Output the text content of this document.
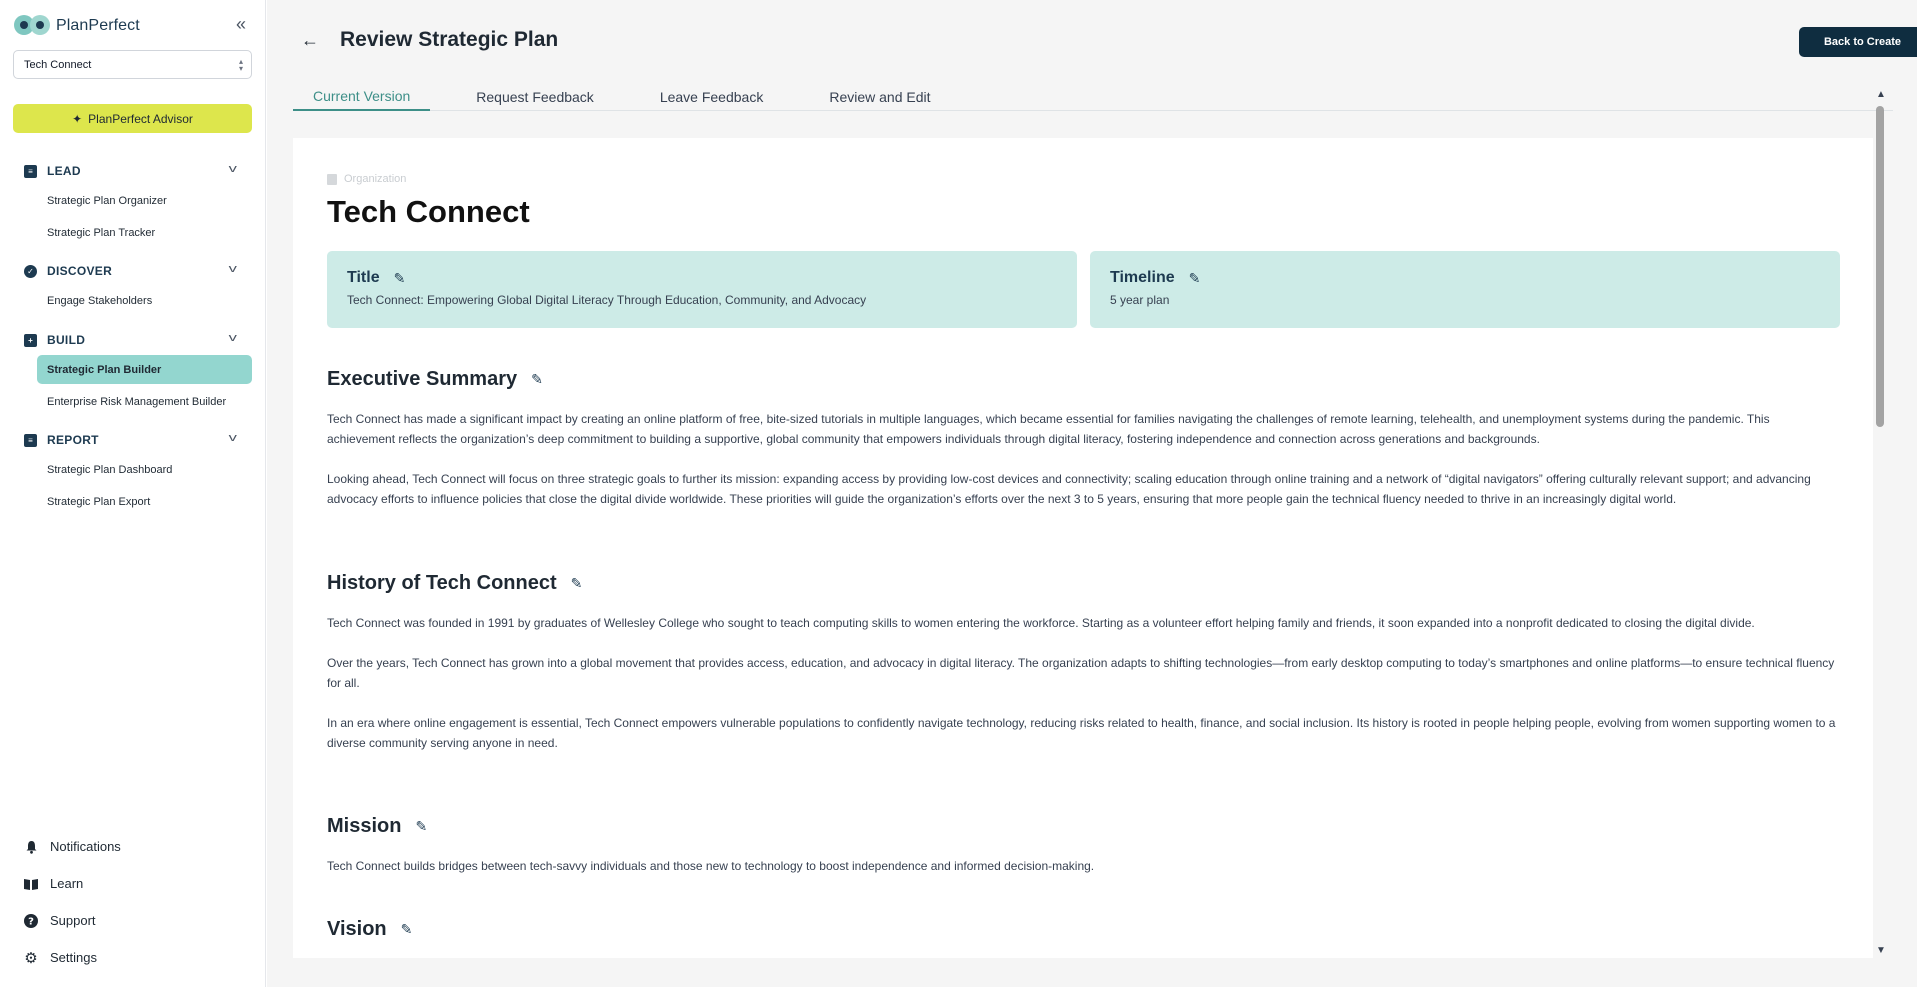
PlanPerfect	«
Tech Connect	▴
▾
✦ PlanPerfect Advisor
≡	LEAD	v
Strategic Plan Organizer
Strategic Plan Tracker
✓ DISCOVER	v
Engage Stakeholders
+	BUILD	v
Strategic Plan Builder
Enterprise Risk Management Builder
≡	REPORT	v
Strategic Plan Dashboard
Strategic Plan Export
Notifications
Learn
? Support
⚙ Settings
← Review Strategic Plan	Back to Create
Current Version	Request Feedback	Leave Feedback	Review and Edit
Organization
Tech Connect
Title ✎
Tech Connect: Empowering Global Digital Literacy Through Education, Community, and Advocacy
Timeline ✎
5 year plan
Executive Summary ✎

Tech Connect has made a significant impact by creating an online platform of free, bite-sized tutorials in multiple languages, which became essential for families navigating the challenges of remote learning, telehealth, and unemployment systems during the pandemic. This achievement reflects the organization’s deep commitment to building a supportive, global community that empowers individuals through digital literacy, fostering independence and connection across generations and backgrounds.

Looking ahead, Tech Connect will focus on three strategic goals to further its mission: expanding access by providing low-cost devices and connectivity; scaling education through online training and a network of “digital navigators” offering culturally relevant support; and advancing advocacy efforts to influence policies that close the digital divide worldwide. These priorities will guide the organization’s efforts over the next 3 to 5 years, ensuring that more people gain the technical fluency needed to thrive in an increasingly digital world.

History of Tech Connect ✎

Tech Connect was founded in 1991 by graduates of Wellesley College who sought to teach computing skills to women entering the workforce. Starting as a volunteer effort helping family and friends, it soon expanded into a nonprofit dedicated to closing the digital divide.

Over the years, Tech Connect has grown into a global movement that provides access, education, and advocacy in digital literacy. The organization adapts to shifting technologies—from early desktop computing to today’s smartphones and online platforms—to ensure technical fluency for all.

In an era where online engagement is essential, Tech Connect empowers vulnerable populations to confidently navigate technology, reducing risks related to health, finance, and social inclusion. Its history is rooted in people helping people, evolving from women supporting women to a diverse community serving anyone in need.

Mission ✎

Tech Connect builds bridges between tech-savvy individuals and those new to technology to boost independence and informed decision-making.

Vision ✎
▲
▼
